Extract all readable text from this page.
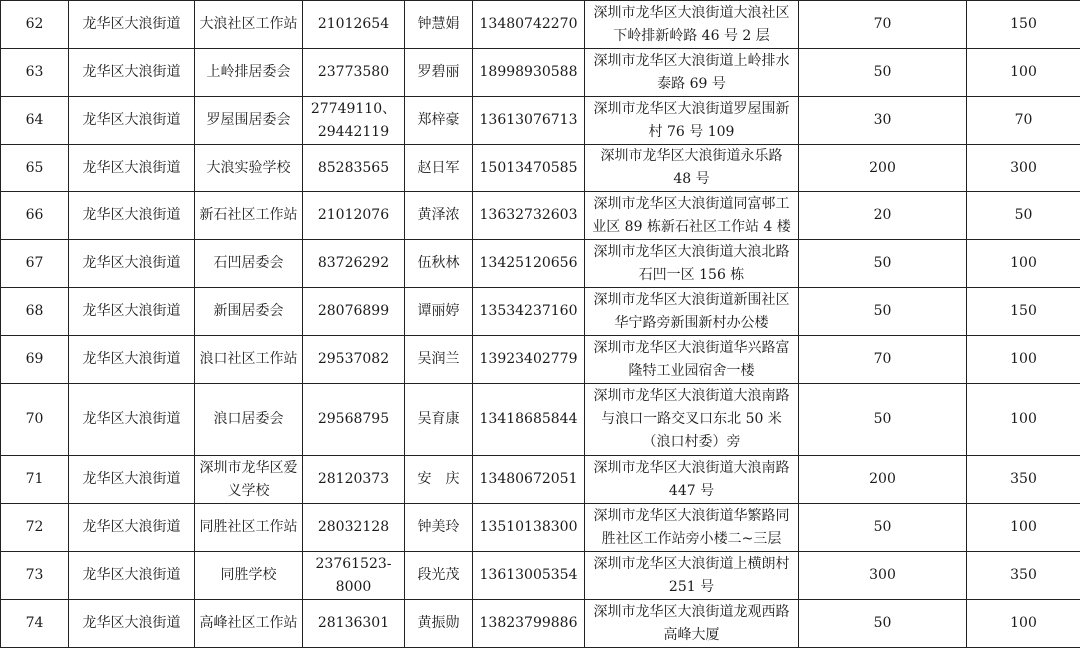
62	龙华区大浪街道	大浪社区工作站	21012654	钟慧娟	13480742270	深圳市龙华区大浪街道大浪社区下岭排新岭路 46 号 2 层	70	150
63	龙华区大浪街道	上岭排居委会	23773580	罗碧丽	18998930588	深圳市龙华区大浪街道上岭排水泰路 69 号	50	100
64	龙华区大浪街道	罗屋围居委会	27749110、29442119	郑梓豪	13613076713	深圳市龙华区大浪街道罗屋围新村 76 号 109	30	70
65	龙华区大浪街道	大浪实验学校	85283565	赵日军	15013470585	深圳市龙华区大浪街道永乐路 48 号	200	300
66	龙华区大浪街道	新石社区工作站	21012076	黄泽浓	13632732603	深圳市龙华区大浪街道同富邨工业区 89 栋新石社区工作站 4 楼	20	50
67	龙华区大浪街道	石凹居委会	83726292	伍秋林	13425120656	深圳市龙华区大浪街道大浪北路石凹一区 156 栋	50	100
68	龙华区大浪街道	新围居委会	28076899	谭丽婷	13534237160	深圳市龙华区大浪街道新围社区华宁路旁新围新村办公楼	50	150
69	龙华区大浪街道	浪口社区工作站	29537082	吴润兰	13923402779	深圳市龙华区大浪街道华兴路富隆特工业园宿舍一楼	70	100
70	龙华区大浪街道	浪口居委会	29568795	吴育康	13418685844	深圳市龙华区大浪街道大浪南路与浪口一路交叉口东北 50 米（浪口村委）旁	50	100
71	龙华区大浪街道	深圳市龙华区爱义学校	28120373	安　庆	13480672051	深圳市龙华区大浪街道大浪南路 447 号	200	350
72	龙华区大浪街道	同胜社区工作站	28032128	钟美玲	13510138300	深圳市龙华区大浪街道华繁路同胜社区工作站旁小楼二~三层	50	100
73	龙华区大浪街道	同胜学校	23761523-8000	段光茂	13613005354	深圳市龙华区大浪街道上横朗村 251 号	300	350
74	龙华区大浪街道	高峰社区工作站	28136301	黄振勋	13823799886	深圳市龙华区大浪街道龙观西路高峰大厦	50	100
